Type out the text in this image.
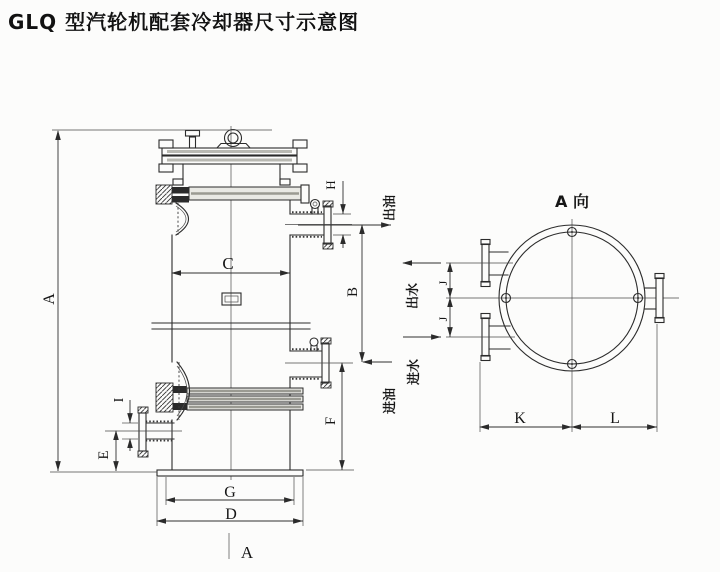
GLQ 型汽轮机配套冷却器尺寸示意图
A
B
C
H
F
I
E
G
D
A
出油
进油
A 向
J
J
K	L
出水
进水
